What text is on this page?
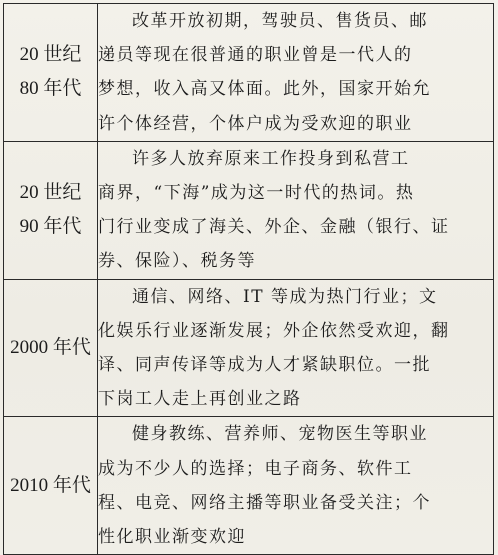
20 世纪
80 年代	改革开放初期，驾驶员、售货员、邮
递员等现在很普通的职业曾是一代人的
梦想，收入高又体面。此外，国家开始允
许个体经营，个体户成为受欢迎的职业

20 世纪
90 年代	许多人放弃原来工作投身到私营工
商界，“下海”成为这一时代的热词。热
门行业变成了海关、外企、金融（银行、证
券、保险）、税务等

2000 年代	通信、网络、IT 等成为热门行业；文
化娱乐行业逐渐发展；外企依然受欢迎，翻
译、同声传译等成为人才紧缺职位。一批
下岗工人走上再创业之路

2010 年代	健身教练、营养师、宠物医生等职业
成为不少人的选择；电子商务、软件工
程、电竞、网络主播等职业备受关注；个
性化职业渐变欢迎
